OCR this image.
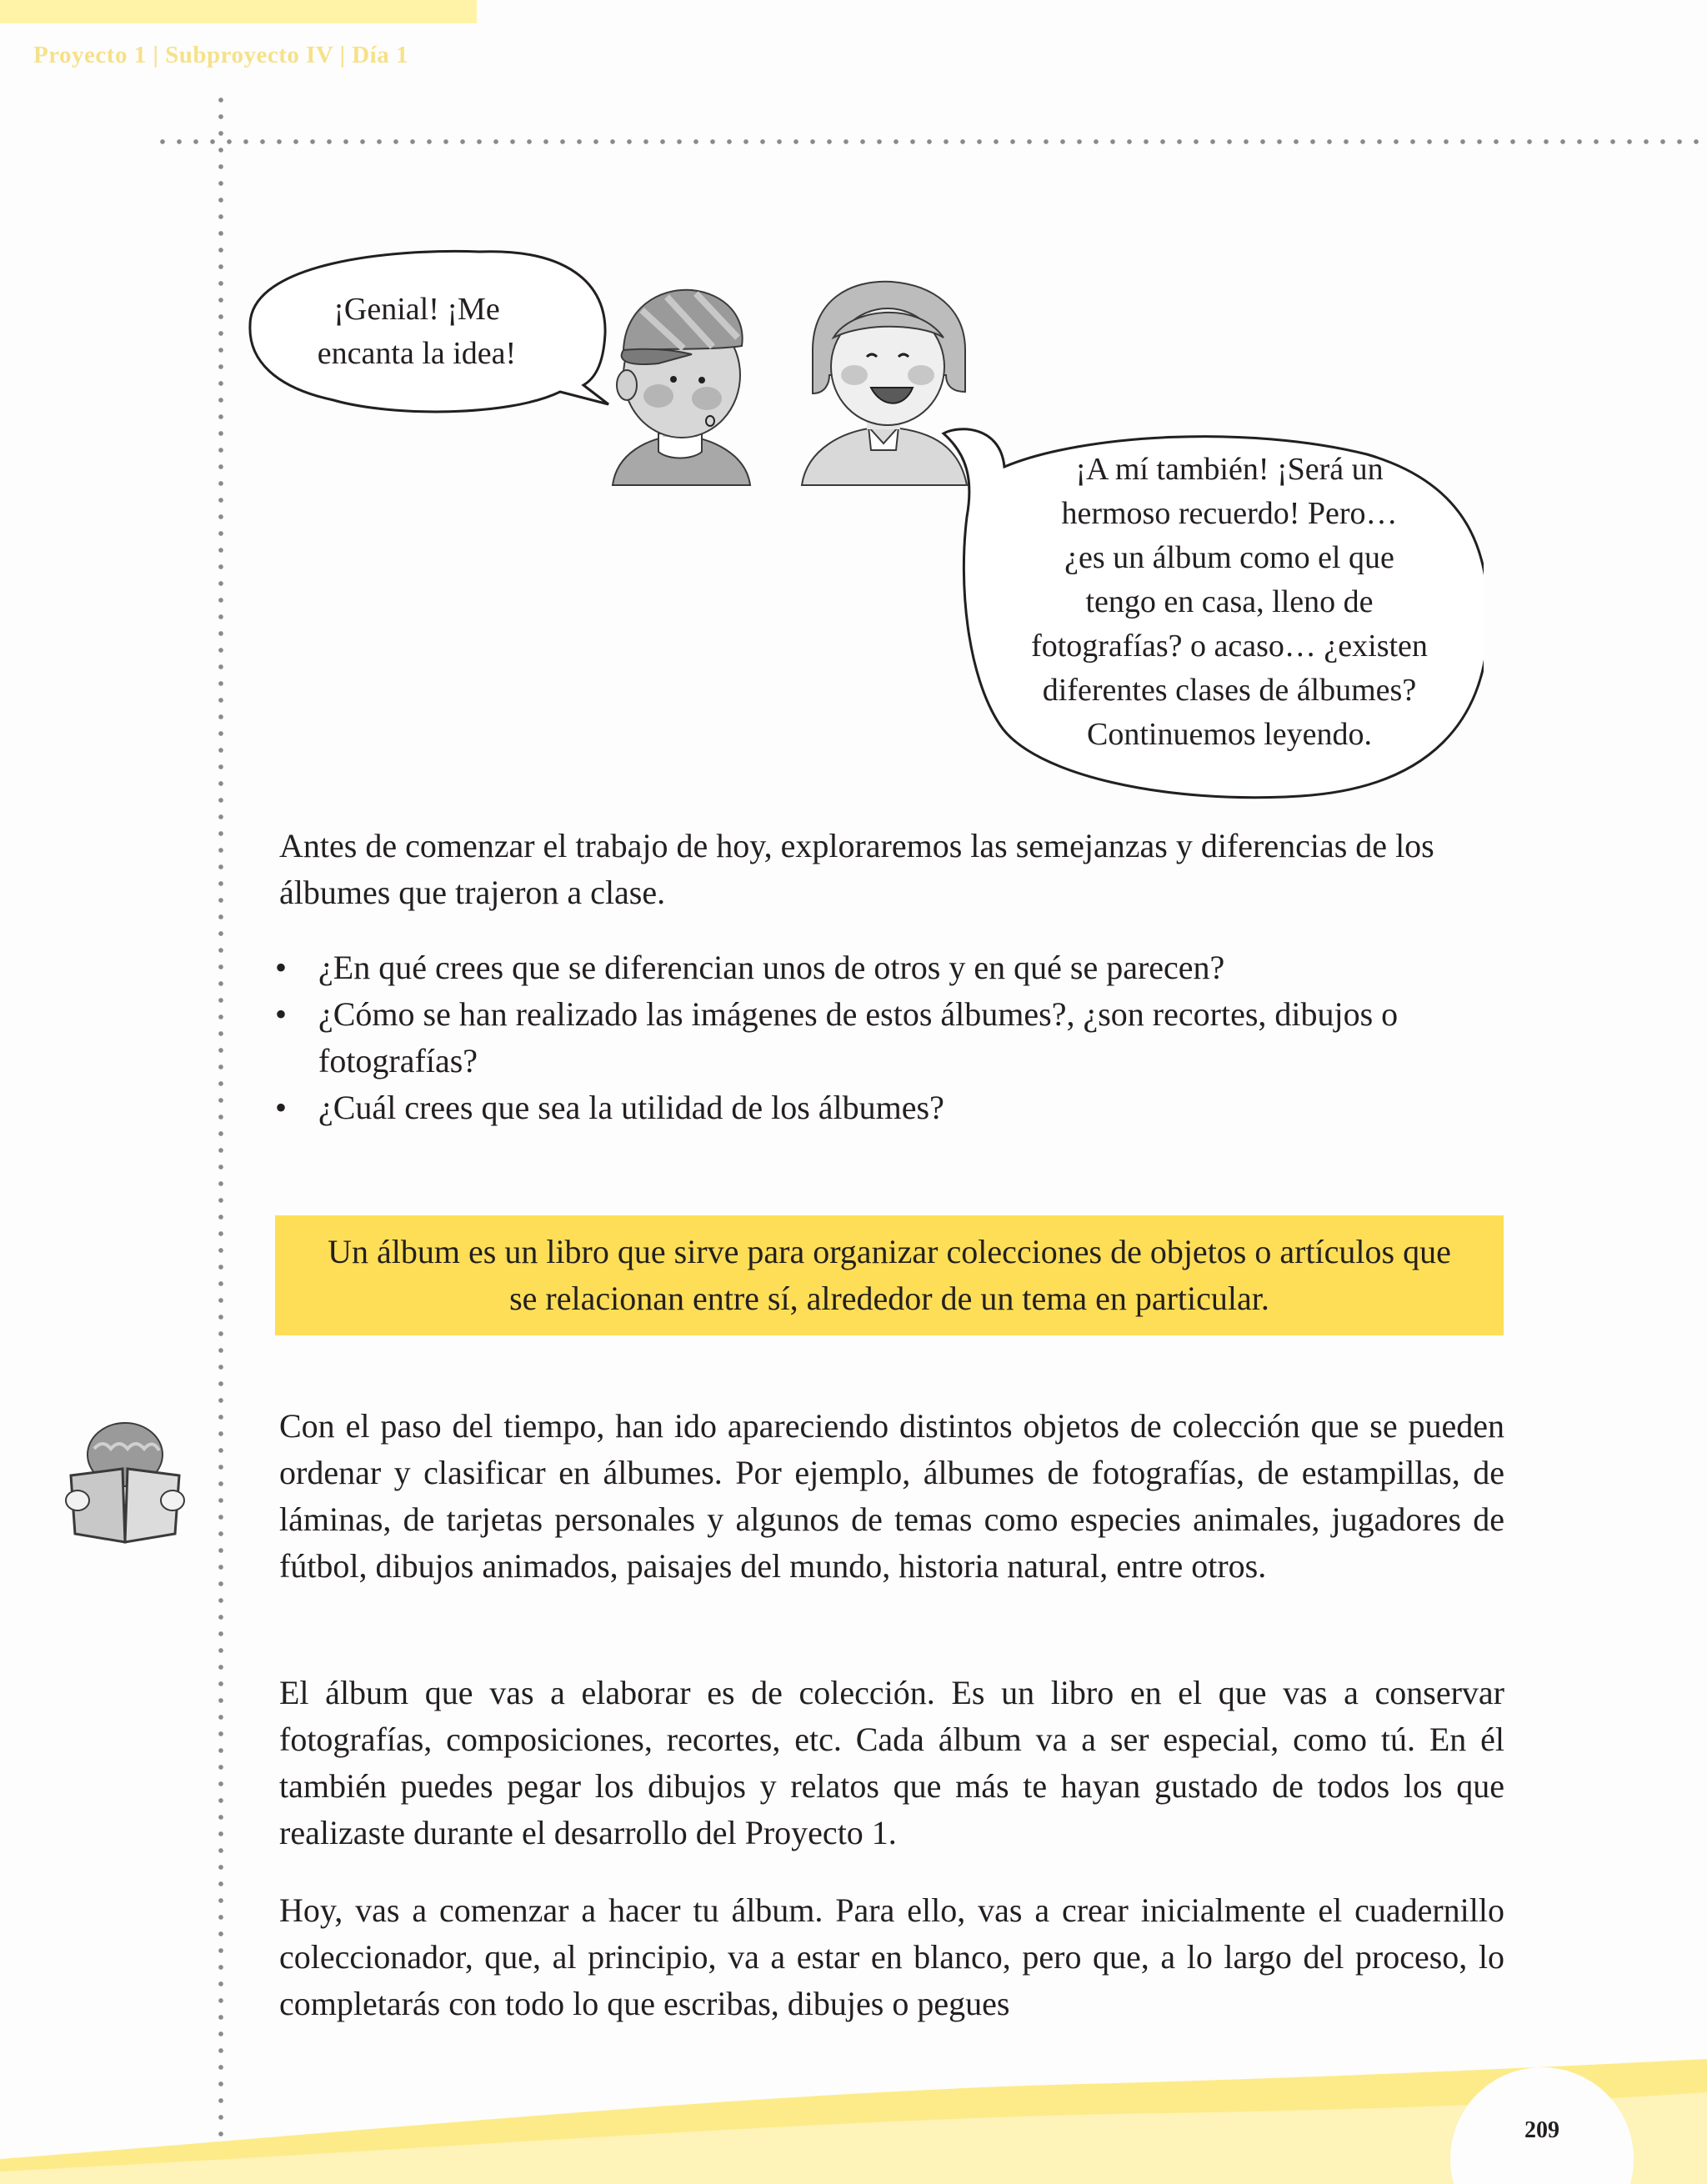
Proyecto 1 | Subproyecto IV | Día 1
¡Genial! ¡Me
encanta la idea!
¡A mí también! ¡Será un
hermoso recuerdo! Pero…
¿es un álbum como el que
tengo en casa, lleno de
fotografías? o acaso… ¿existen
diferentes clases de álbumes?
Continuemos leyendo.

Antes de comenzar el trabajo de hoy, exploraremos las semejanzas y diferencias de los álbumes que trajeron a clase.

• ¿En qué crees que se diferencian unos de otros y en qué se parecen?
• ¿Cómo se han realizado las imágenes de estos álbumes?, ¿son recortes, dibujos o fotografías?
• ¿Cuál crees que sea la utilidad de los álbumes?

Un álbum es un libro que sirve para organizar colecciones de objetos o artículos que se relacionan entre sí, alrededor de un tema en particular.

Con el paso del tiempo, han ido apareciendo distintos objetos de colección que se pueden ordenar y clasificar en álbumes. Por ejemplo, álbumes de fotografías, de estampillas, de láminas, de tarjetas personales y algunos de temas como especies animales, jugadores de fútbol, dibujos animados, paisajes del mundo, historia natural, entre otros.

El álbum que vas a elaborar es de colección. Es un libro en el que vas a conservar fotografías, composiciones, recortes, etc. Cada álbum va a ser especial, como tú. En él también puedes pegar los dibujos y relatos que más te hayan gustado de todos los que realizaste durante el desarrollo del Proyecto 1.

Hoy, vas a comenzar a hacer tu álbum. Para ello, vas a crear inicialmente el cuadernillo coleccionador, que, al principio, va a estar en blanco, pero que, a lo largo del proceso, lo completarás con todo lo que escribas, dibujes o pegues

209
